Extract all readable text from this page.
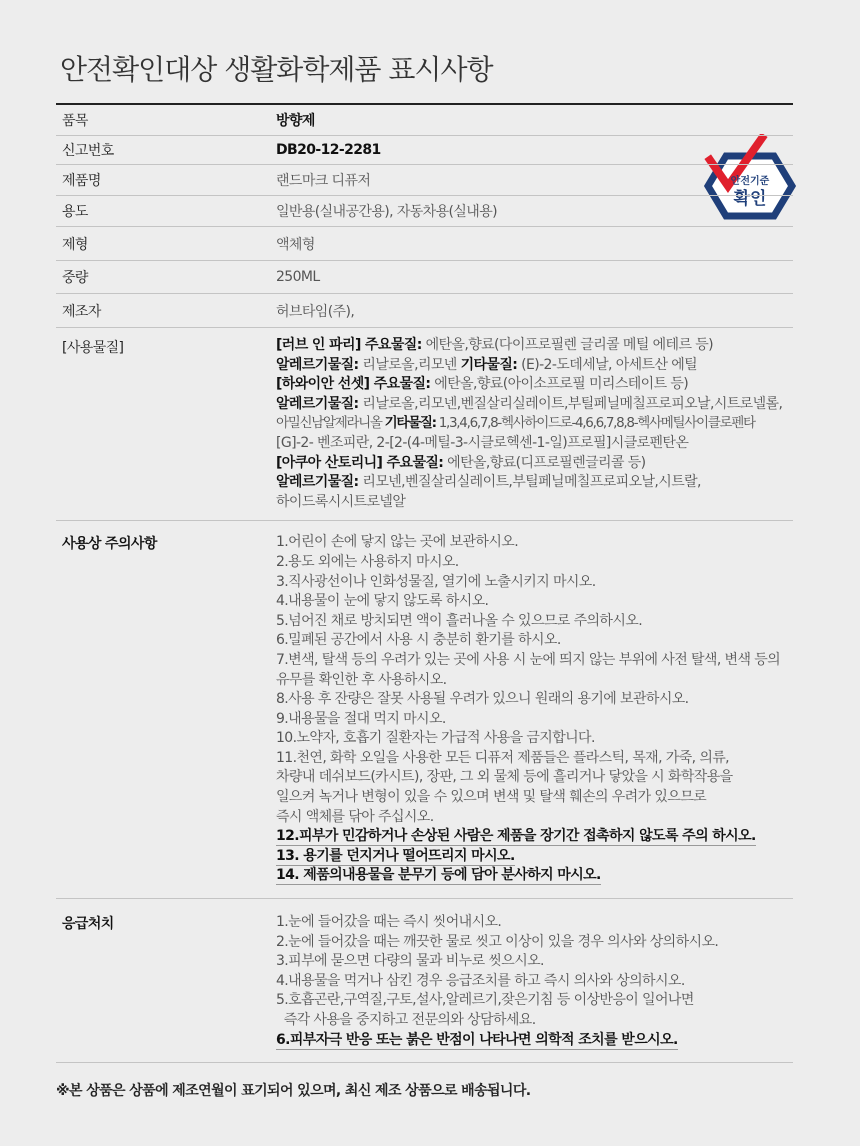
안전확인대상 생활화학제품 표시사항
안전기준
확인
품목	방향제
신고번호	DB20-12-2281
제품명	랜드마크 디퓨저
용도	일반용(실내공간용), 자동차용(실내용)
제형	액체형
중량	250ML
제조자	허브타임(주),
[사용물질]	[러브 인 파리] 주요물질: 에탄올,향료(다이프로필렌 글리콜 메틸 에테르 등)
알레르기물질: 리날로올,리모넨 기타물질: (E)-2-도데세날, 아세트산 에틸
[하와이안 선셋] 주요물질: 에탄올,향료(아이소프로필 미리스테이트 등)
알레르기물질: 리날로올,리모넨,벤질살리실레이트,부틸페닐메칠프로피오날,시트로넬롤,
아밀신남알제라니올 기타물질: 1,3,4,6,7,8-헥사하이드로-4,6,6,7,8,8-헥사메틸사이클로펜타
[G]-2- 벤조피란, 2-[2-(4-메틸-3-시클로헥센-1-일)프로필]시클로펜탄온
[아쿠아 산토리니] 주요물질: 에탄올,향료(디프로필렌글리콜 등)
알레르기물질: 리모넨,벤질살리실레이트,부틸페닐메칠프로피오날,시트랄,
하이드록시시트로넬알
사용상 주의사항	1.어린이 손에 닿지 않는 곳에 보관하시오.
2.용도 외에는 사용하지 마시오.
3.직사광선이나 인화성물질, 열기에 노출시키지 마시오.
4.내용물이 눈에 닿지 않도록 하시오.
5.넘어진 채로 방치되면 액이 흘러나올 수 있으므로 주의하시오.
6.밀폐된 공간에서 사용 시 충분히 환기를 하시오.
7.변색, 탈색 등의 우려가 있는 곳에 사용 시 눈에 띄지 않는 부위에 사전 탈색, 변색 등의
유무를 확인한 후 사용하시오.
8.사용 후 잔량은 잘못 사용될 우려가 있으니 원래의 용기에 보관하시오.
9.내용물을 절대 먹지 마시오.
10.노약자, 호흡기 질환자는 가급적 사용을 금지합니다.
11.천연, 화학 오일을 사용한 모든 디퓨저 제품들은 플라스틱, 목재, 가죽, 의류,
차량내 데쉬보드(카시트), 장판, 그 외 물체 등에 흘리거나 닿았을 시 화학작용을
일으켜 녹거나 변형이 있을 수 있으며 변색 및 탈색 훼손의 우려가 있으므로
즉시 액체를 닦아 주십시오.
12.피부가 민감하거나 손상된 사람은 제품을 장기간 접촉하지 않도록 주의 하시오.
13. 용기를 던지거나 떨어뜨리지 마시오.
14. 제품의내용물을 분무기 등에 담아 분사하지 마시오.
응급처치	1.눈에 들어갔을 때는 즉시 씻어내시오.
2.눈에 들어갔을 때는 깨끗한 물로 씻고 이상이 있을 경우 의사와 상의하시오.
3.피부에 묻으면 다량의 물과 비누로 씻으시오.
4.내용물을 먹거나 삼킨 경우 응급조치를 하고 즉시 의사와 상의하시오.
5.호흡곤란,구역질,구토,설사,알레르기,잦은기침 등 이상반응이 일어나면
즉각 사용을 중지하고 전문의와 상담하세요.
6.피부자극 반응 또는 붉은 반점이 나타나면 의학적 조치를 받으시오.
※본 상품은 상품에 제조연월이 표기되어 있으며, 최신 제조 상품으로 배송됩니다.
